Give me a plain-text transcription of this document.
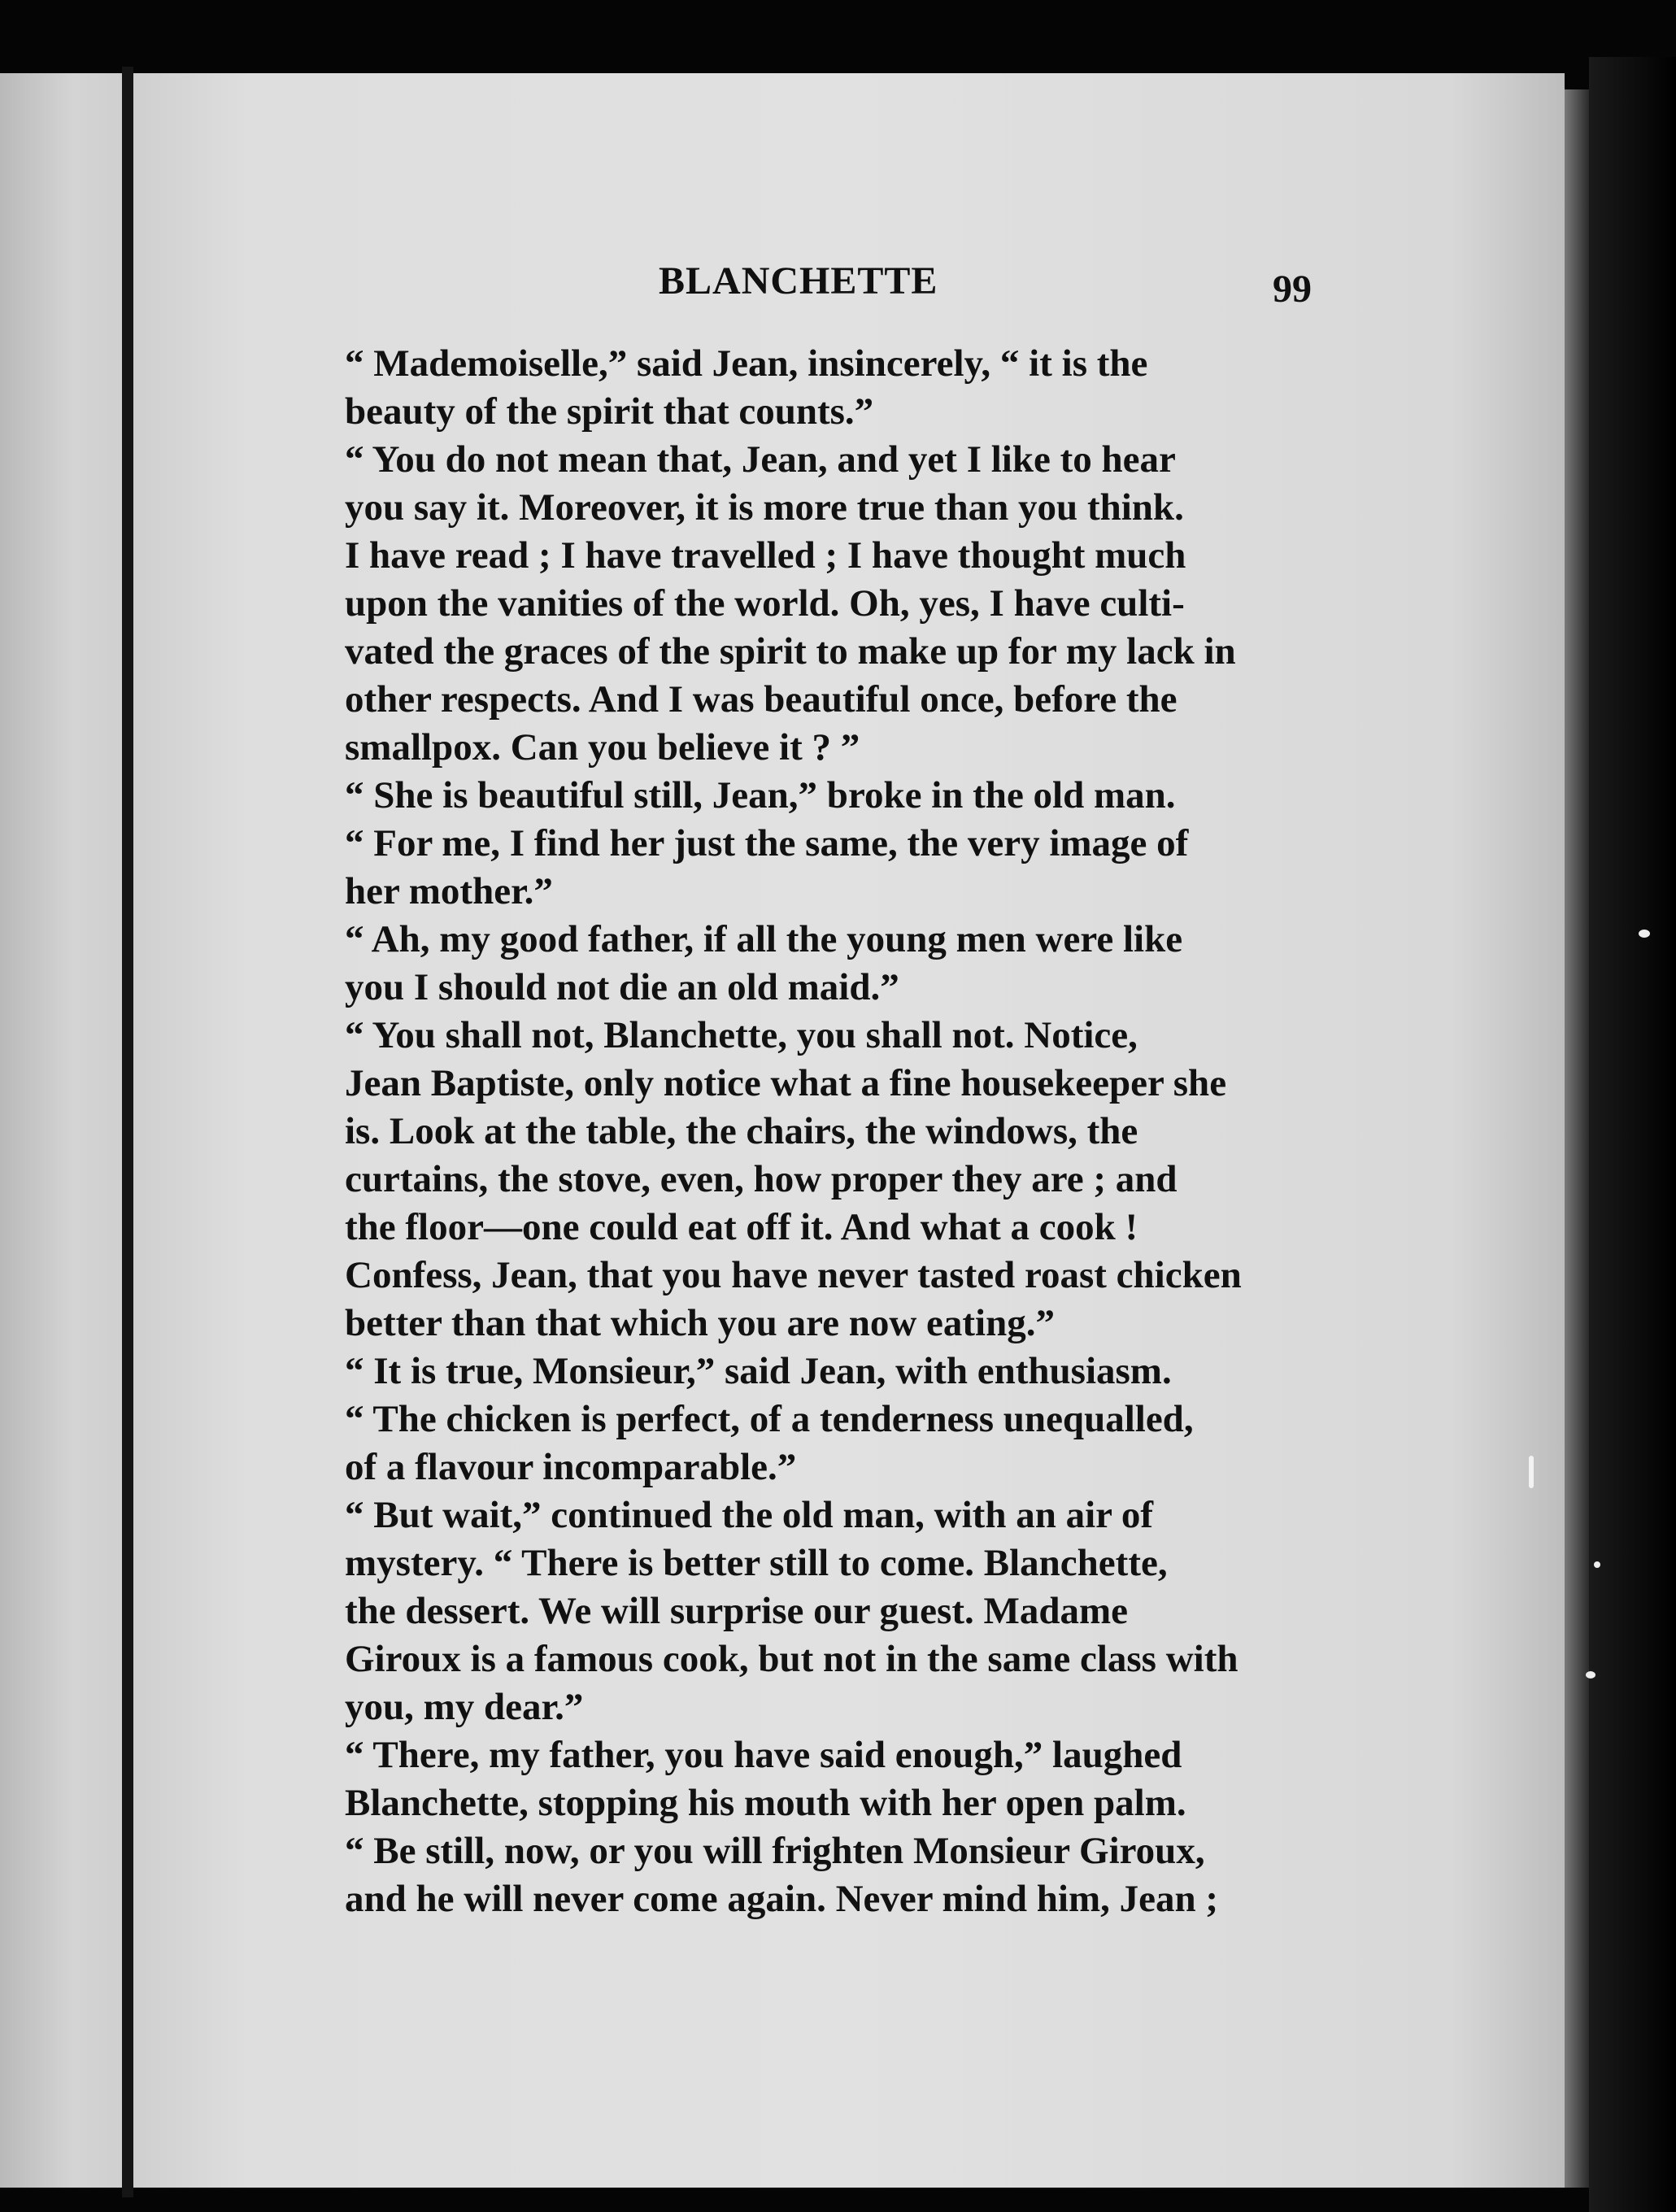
BLANCHETTE	99

“ Mademoiselle,” said Jean, insincerely, “ it is the
beauty of the spirit that counts.”

“ You do not mean that, Jean, and yet I like to hear
you say it. Moreover, it is more true than you think.
I have read ; I have travelled ; I have thought much
upon the vanities of the world. Oh, yes, I have culti-
vated the graces of the spirit to make up for my lack in
other respects. And I was beautiful once, before the
smallpox. Can you believe it ? ”

“ She is beautiful still, Jean,” broke in the old man.
“ For me, I find her just the same, the very image of
her mother.”

“ Ah, my good father, if all the young men were like
you I should not die an old maid.”

“ You shall not, Blanchette, you shall not. Notice,
Jean Baptiste, only notice what a fine housekeeper she
is. Look at the table, the chairs, the windows, the
curtains, the stove, even, how proper they are ; and
the floor—one could eat off it. And what a cook !
Confess, Jean, that you have never tasted roast chicken
better than that which you are now eating.”

“ It is true, Monsieur,” said Jean, with enthusiasm.
“ The chicken is perfect, of a tenderness unequalled,
of a flavour incomparable.”

“ But wait,” continued the old man, with an air of
mystery. “ There is better still to come. Blanchette,
the dessert. We will surprise our guest. Madame
Giroux is a famous cook, but not in the same class with
you, my dear.”

“ There, my father, you have said enough,” laughed
Blanchette, stopping his mouth with her open palm.
“ Be still, now, or you will frighten Monsieur Giroux,
and he will never come again. Never mind him, Jean ;
